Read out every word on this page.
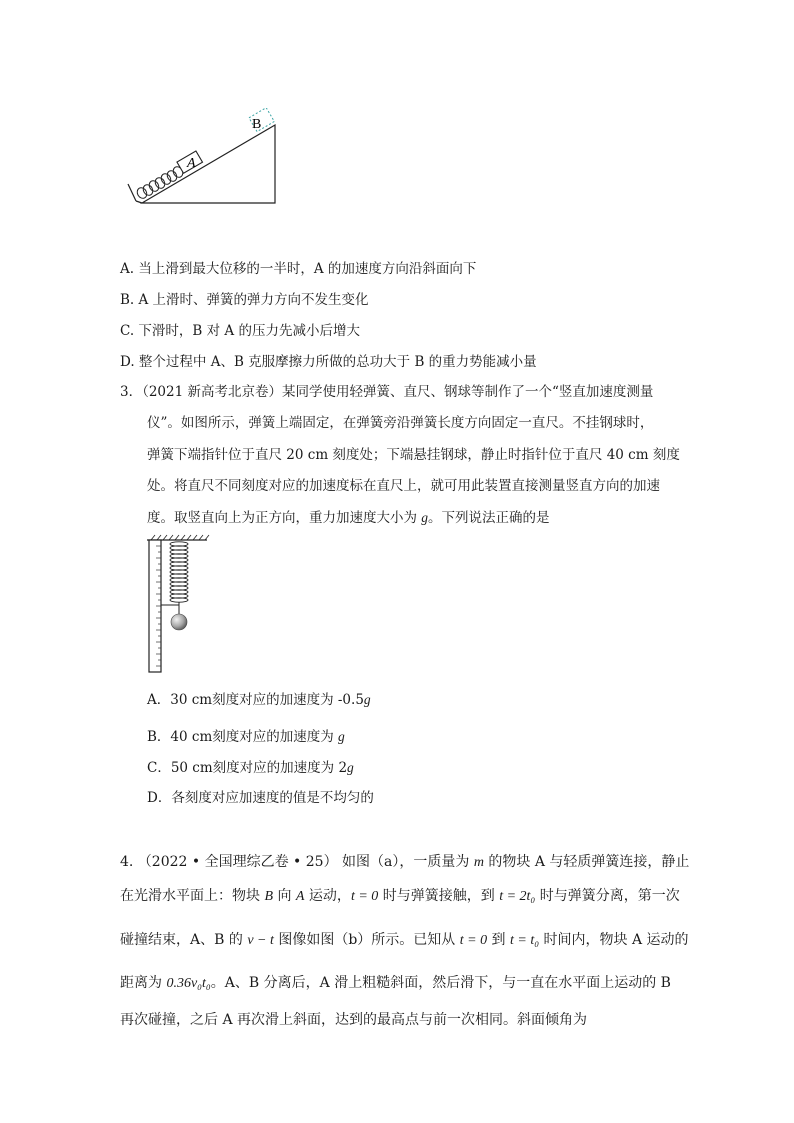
A
B
A. 当上滑到最大位移的一半时，A 的加速度方向沿斜面向下
B. A 上滑时、弹簧的弹力方向不发生变化
C. 下滑时，B 对 A 的压力先减小后增大
D. 整个过程中 A、B 克服摩擦力所做的总功大于 B 的重力势能减小量
3．（2021 新高考北京卷）某同学使用轻弹簧、直尺、钢球等制作了一个“竖直加速度测量
仪”。如图所示，弹簧上端固定，在弹簧旁沿弹簧长度方向固定一直尺。不挂钢球时，
弹簧下端指针位于直尺 20 cm 刻度处；下端悬挂钢球，静止时指针位于直尺 40 cm 刻度
处。将直尺不同刻度对应的加速度标在直尺上，就可用此装置直接测量竖直方向的加速
度。取竖直向上为正方向，重力加速度大小为 g。下列说法正确的是
A．30 cm刻度对应的加速度为 -0.5g
B．40 cm刻度对应的加速度为 g
C．50 cm刻度对应的加速度为 2g
D．各刻度对应加速度的值是不均匀的
4. （2022 • 全国理综乙卷 • 25） 如图（a），一质量为 m 的物块 A 与轻质弹簧连接，静止
在光滑水平面上：物块 B 向 A 运动，t = 0 时与弹簧接触，到 t = 2t₀ 时与弹簧分离，第一次
碰撞结束，A、B 的 v − t 图像如图（b）所示。已知从 t = 0 到 t = t₀ 时间内，物块 A 运动的
距离为 0.36v₀t₀。A、B 分离后，A 滑上粗糙斜面，然后滑下，与一直在水平面上运动的 B
再次碰撞，之后 A 再次滑上斜面，达到的最高点与前一次相同。斜面倾角为
